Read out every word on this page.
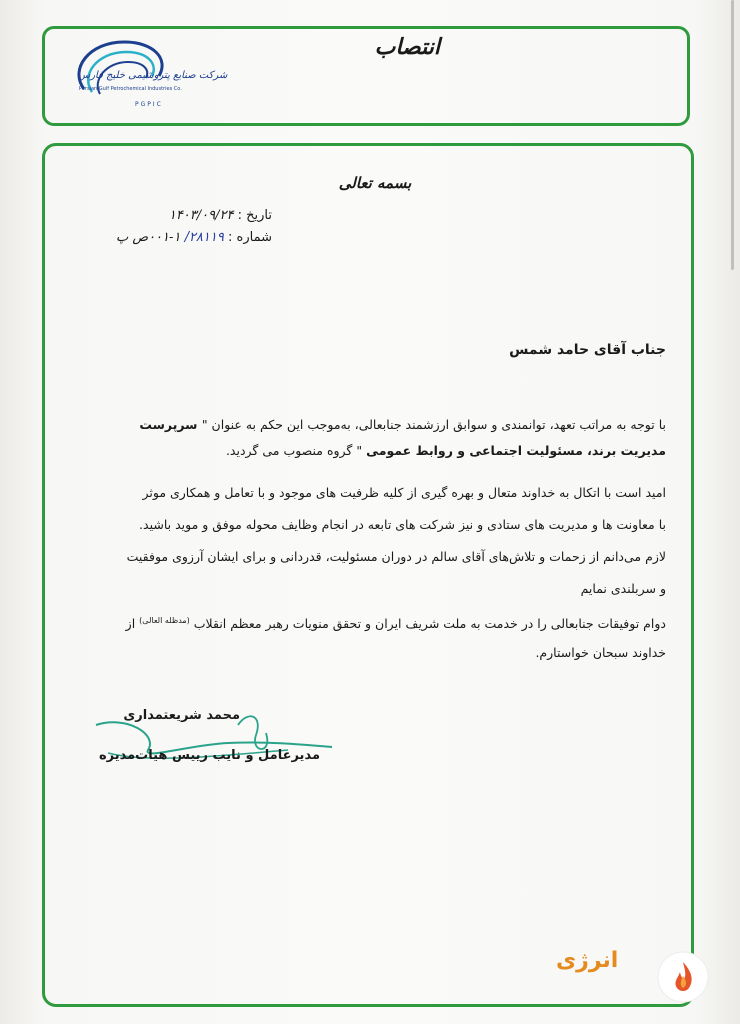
شرکت صنایع پتروشیمی خلیج فارس
Persian Gulf Petrochemical Industries Co.
PGPIC
انتصاب
بسمه تعالی
تاریخ : ۱۴۰۳/۰۹/۲۴
شماره : ۲۸۱۱۹/ ۱-۰۰۱ص پ
جناب آقای حامد شمس
با توجه به مراتب تعهد، توانمندی و سوابق ارزشمند جنابعالی، به‌موجب این حکم به عنوان " سرپرست
مدیریت برند، مسئولیت اجتماعی و روابط عمومی " گروه منصوب می گردید.
امید است با اتکال به خداوند متعال و بهره گیری از کلیه ظرفیت های موجود و با تعامل و همکاری موثر
با معاونت ها و مدیریت های ستادی و نیز شرکت های تابعه در انجام وظایف محوله موفق و موید باشید.
لازم می‌دانم از زحمات و تلاش‌های آقای سالم در دوران مسئولیت، قدردانی و برای ایشان آرزوی موفقیت
و سربلندی نمایم
دوام توفیقات جنابعالی را در خدمت به ملت شریف ایران و تحقق منویات رهبر معظم انقلاب $^{(مدظله العالی)}$ از
خداوند سبحان خواستارم.
محمد شریعتمداری
مدیرعامل و نایب رییس هیات‌مدیره
انرژی
